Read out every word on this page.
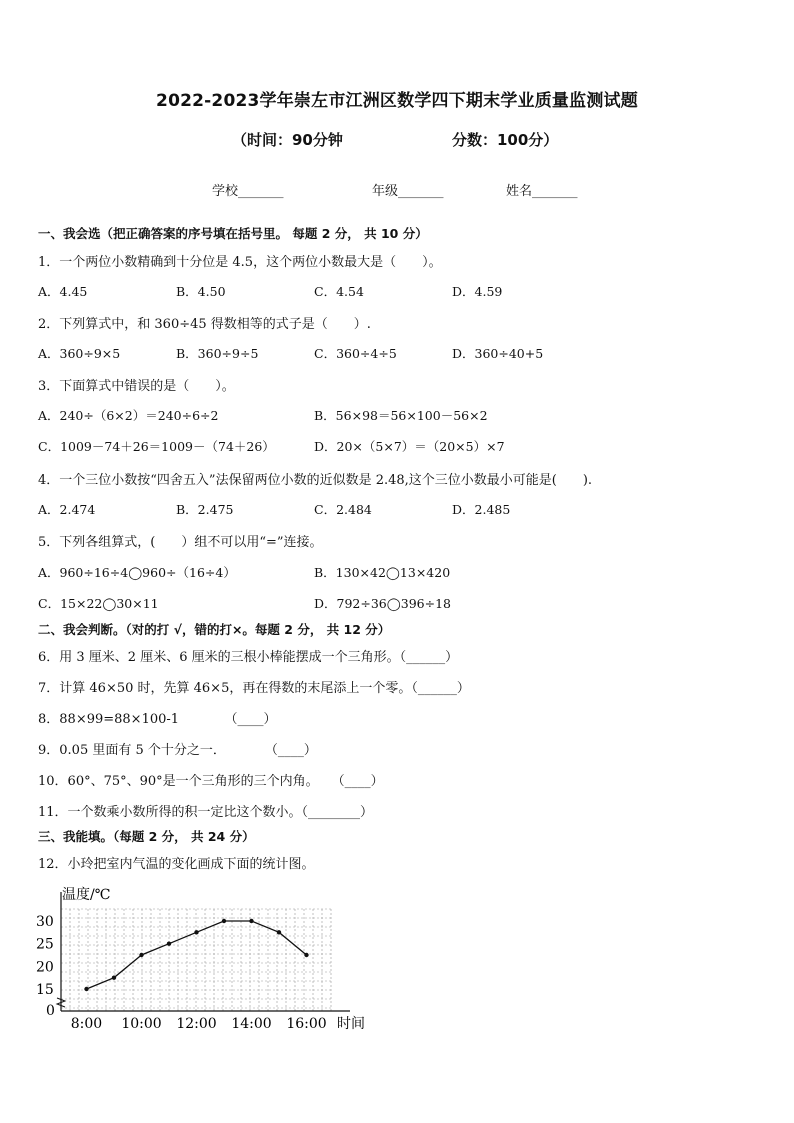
2022-2023学年崇左市江洲区数学四下期末学业质量监测试题
（时间：90分钟	分数：100分）
学校_______	年级_______	姓名_______
一、我会选（把正确答案的序号填在括号里。 每题 2 分， 共 10 分）
1．一个两位小数精确到十分位是 4.5，这个两位小数最大是（　　）。
A．4.45	B．4.50	C．4.54	D．4.59
2．下列算式中，和 360÷45 得数相等的式子是（　　）.
A．360÷9×5	B．360÷9÷5	C．360÷4÷5	D．360÷40+5
3．下面算式中错误的是（　　）。
A．240÷（6×2）＝240÷6÷2	B．56×98＝56×100－56×2
C．1009－74＋26＝1009－（74＋26）	D．20×（5×7）＝（20×5）×7
4．一个三位小数按“四舍五入”法保留两位小数的近似数是 2.48,这个三位小数最小可能是(　　).
A．2.474	B．2.475	C．2.484	D．2.485
5．下列各组算式，(　　）组不可以用“=”连接。
A．960÷16÷4◯960÷（16÷4）	B．130×42◯13×420
C．15×22◯30×11	D．792÷36◯396÷18
二、我会判断。（对的打 √，错的打×。每题 2 分， 共 12 分）
6．用 3 厘米、2 厘米、6 厘米的三根小棒能摆成一个三角形。（______）
7．计算 46×50 时，先算 46×5，再在得数的末尾添上一个零。（______）
8．88×99=88×100-1　　　　（____）
9．0.05 里面有 5 个十分之一．　　　　（____）
10．60°、75°、90°是一个三角形的三个内角。　　（____）
11．一个数乘小数所得的积一定比这个数小。（________）
三、我能填。（每题 2 分， 共 24 分）
12．小玲把室内气温的变化画成下面的统计图。
0
15
20
25
30
8:00 10:00 12:00 14:00 16:00
温度/℃
时间
